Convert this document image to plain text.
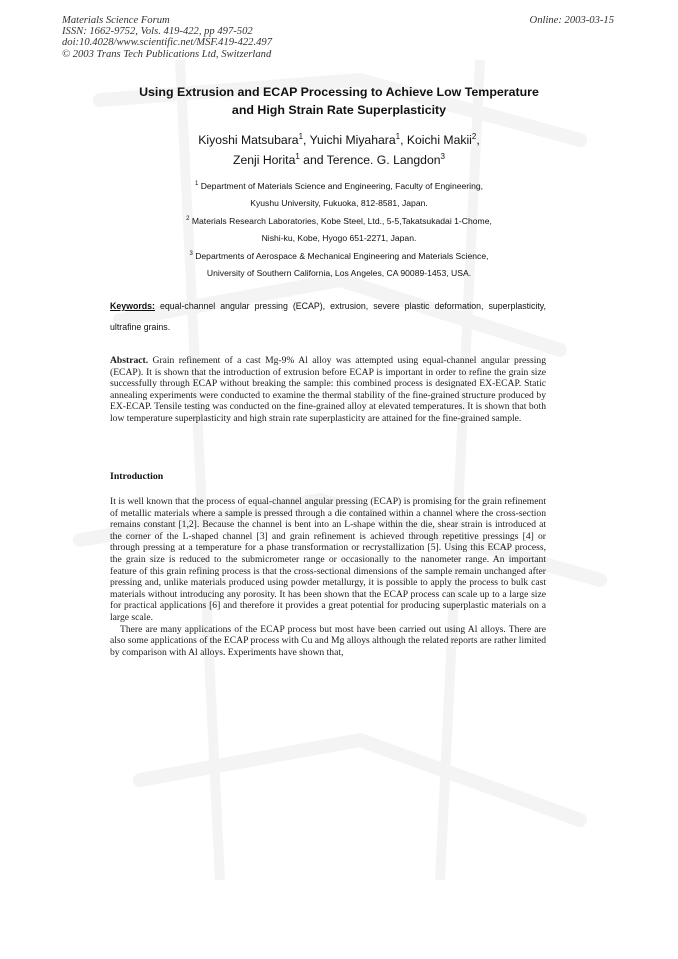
Materials Science Forum
ISSN: 1662-9752, Vols. 419-422, pp 497-502
doi:10.4028/www.scientific.net/MSF.419-422.497
© 2003 Trans Tech Publications Ltd, Switzerland
Online: 2003-03-15
Using Extrusion and ECAP Processing to Achieve Low Temperature
and High Strain Rate Superplasticity
Kiyoshi Matsubara$^1$, Yuichi Miyahara$^1$, Koichi Makii$^2$,
Zenji Horita$^1$ and Terence. G. Langdon$^3$
$^1$ Department of Materials Science and Engineering, Faculty of Engineering,
Kyushu University, Fukuoka, 812-8581, Japan.
$^2$ Materials Research Laboratories, Kobe Steel, Ltd., 5-5,Takatsukadai 1-Chome,
Nishi-ku, Kobe, Hyogo 651-2271, Japan.
$^3$ Departments of Aerospace & Mechanical Engineering and Materials Science,
University of Southern California, Los Angeles, CA 90089-1453, USA.
Keywords: equal-channel angular pressing (ECAP), extrusion, severe plastic deformation, superplasticity, ultrafine grains.
Abstract. Grain refinement of a cast Mg-9% Al alloy was attempted using equal-channel angular pressing (ECAP). It is shown that the introduction of extrusion before ECAP is important in order to refine the grain size successfully through ECAP without breaking the sample: this combined process is designated EX-ECAP. Static annealing experiments were conducted to examine the thermal stability of the fine-grained structure produced by EX-ECAP. Tensile testing was conducted on the fine-grained alloy at elevated temperatures. It is shown that both low temperature superplasticity and high strain rate superplasticity are attained for the fine-grained sample.
Introduction

It is well known that the process of equal-channel angular pressing (ECAP) is promising for the grain refinement of metallic materials where a sample is pressed through a die contained within a channel where the cross-section remains constant [1,2]. Because the channel is bent into an L-shape within the die, shear strain is introduced at the corner of the L-shaped channel [3] and grain refinement is achieved through repetitive pressings [4] or through pressing at a temperature for a phase transformation or recrystallization [5]. Using this ECAP process, the grain size is reduced to the submicrometer range or occasionally to the nanometer range. An important feature of this grain refining process is that the cross-sectional dimensions of the sample remain unchanged after pressing and, unlike materials produced using powder metallurgy, it is possible to apply the process to bulk cast materials without introducing any porosity. It has been shown that the ECAP process can scale up to a large size for practical applications [6] and therefore it provides a great potential for producing superplastic materials on a large scale.

There are many applications of the ECAP process but most have been carried out using Al alloys. There are also some applications of the ECAP process with Cu and Mg alloys although the related reports are rather limited by comparison with Al alloys. Experiments have shown that,
